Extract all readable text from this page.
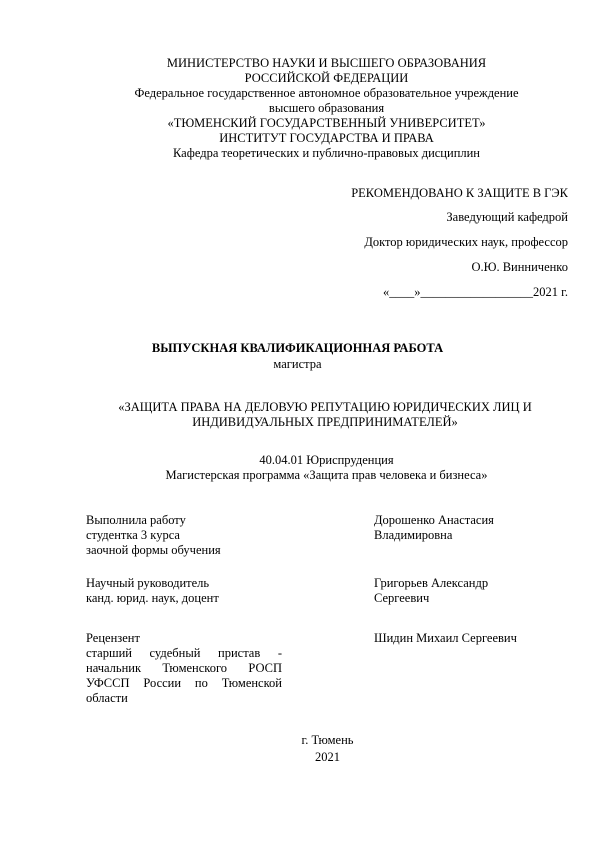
МИНИСТЕРСТВО НАУКИ И ВЫСШЕГО ОБРАЗОВАНИЯ
РОССИЙСКОЙ ФЕДЕРАЦИИ
Федеральное государственное автономное образовательное учреждение
высшего образования
«ТЮМЕНСКИЙ ГОСУДАРСТВЕННЫЙ УНИВЕРСИТЕТ»
ИНСТИТУТ ГОСУДАРСТВА И ПРАВА
Кафедра теоретических и публично-правовых дисциплин
РЕКОМЕНДОВАНО К ЗАЩИТЕ В ГЭК
Заведующий кафедрой
Доктор юридических наук, профессор
О.Ю. Винниченко
«____»__________________2021 г.
ВЫПУСКНАЯ КВАЛИФИКАЦИОННАЯ РАБОТА
магистра
«ЗАЩИТА ПРАВА НА ДЕЛОВУЮ РЕПУТАЦИЮ ЮРИДИЧЕСКИХ ЛИЦ И ИНДИВИДУАЛЬНЫХ ПРЕДПРИНИМАТЕЛЕЙ»
40.04.01 Юриспруденция
Магистерская программа «Защита прав человека и бизнеса»
Выполнила работу
студентка 3 курса
заочной формы обучения
Дорошенко Анастасия
Владимировна
Научный руководитель
канд. юрид. наук, доцент
Григорьев Александр
Сергеевич
Рецензент
старший судебный пристав - начальник Тюменского РОСП УФССП России по Тюменской области
Шидин Михаил Сергеевич
г. Тюмень
2021
